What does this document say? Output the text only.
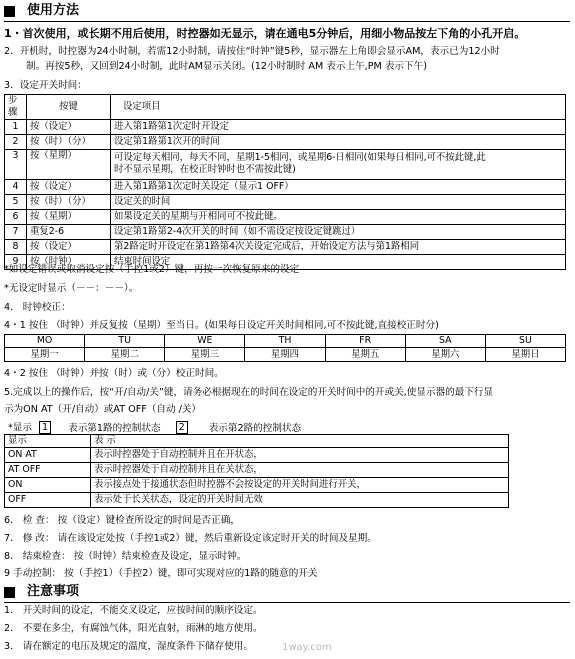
使用方法
1・首次使用，或长期不用后使用，时控器如无显示，请在通电5分钟后，用细小物品按左下角的小孔开启。
2．开机时，时控器为24小时制，若需12小时制，请按住“时钟”键5秒，显示器左上角即会显示AM，表示已为12小时
制。再按5秒，又回到24小时制，此时AM显示关闭。(12小时制时 AM 表示上午,PM 表示下午)
3．设定开关时间：
步骤	按键	设定项目
1	按（设定）	进入第1路第1次定时开设定
2	按（时）（分）	设定第1路第1次开的时间
3	按（星期）	可设定每天相同，每天不同，星期1-5相同，或星期6-日相同(如果每日相同,可不按此键,此
时不显示星期，在校正时钟时也不需按此键)

4	按（设定）	进入第1路第1次定时关设定（显示1 OFF）
5	按（时）（分）	设定关的时间
6	按（星期）	如果设定关的星期与开相同可不按此键。
7	重复2-6	设定第1路第2-4次开关的时间（如不需设定按设定键跳过）
8	按（设定）	第2路定时开设定在第1路第4次关设定完成后，开始设定方法与第1路相同
9	按（时钟）	结束时间设定
*如设定错误或取消设定按（手控1或2）键，再按一次恢复原来的设定
*无设定时显示（－－：－－）。
4． 时钟校正：
4・1 按住 （时钟）并反复按（星期）至当日。(如果每日设定开关时间相同,可不按此键,直接校正时分)
MO	TU	WE	TH	FR	SA	SU
星期一	星期二	星期三	星期四	星期五	星期六	星期日
4・2 按住 （时钟）并按（时）或（分）校正时间。
5.完成以上的操作后，按“开/自动/关”键，请务必根据现在的时间在设定的开关时间中的开或关,使显示器的最下行显
示为ON AT（开/自动）或AT OFF（自动 /关）
*显示 1 表示第1路的控制状态 2	表示第2路的控制状态
显示	表 示
ON AT	表示时控器处于自动控制并且在开状态，
AT OFF	表示时控器处于自动控制并且在关状态，
ON	表示接点处于接通状态但时控器不会按设定的开关时间进行开关，
OFF	表示处于长关状态，设定的开关时间无效
6． 检 查： 按（设定）键检查所设定的时间是否正确，
7． 修 改： 请在该设定处按（手控1或2）键，然后重新设定该定时开关的时间及星期。
8． 结束检查： 按（时钟）结束检查及设定，显示时钟。
9 手动控制： 按（手控1）（手控2）键，即可实现对应的1路的随意的开关
注意事项
1． 开关时间的设定，不能交叉设定，应按时间的顺序设定。
2． 不要在多尘，有腐蚀气体，阳光直射，雨淋的地方使用。
3． 请在额定的电压及规定的温度，湿度条件下储存使用。	1way.com
